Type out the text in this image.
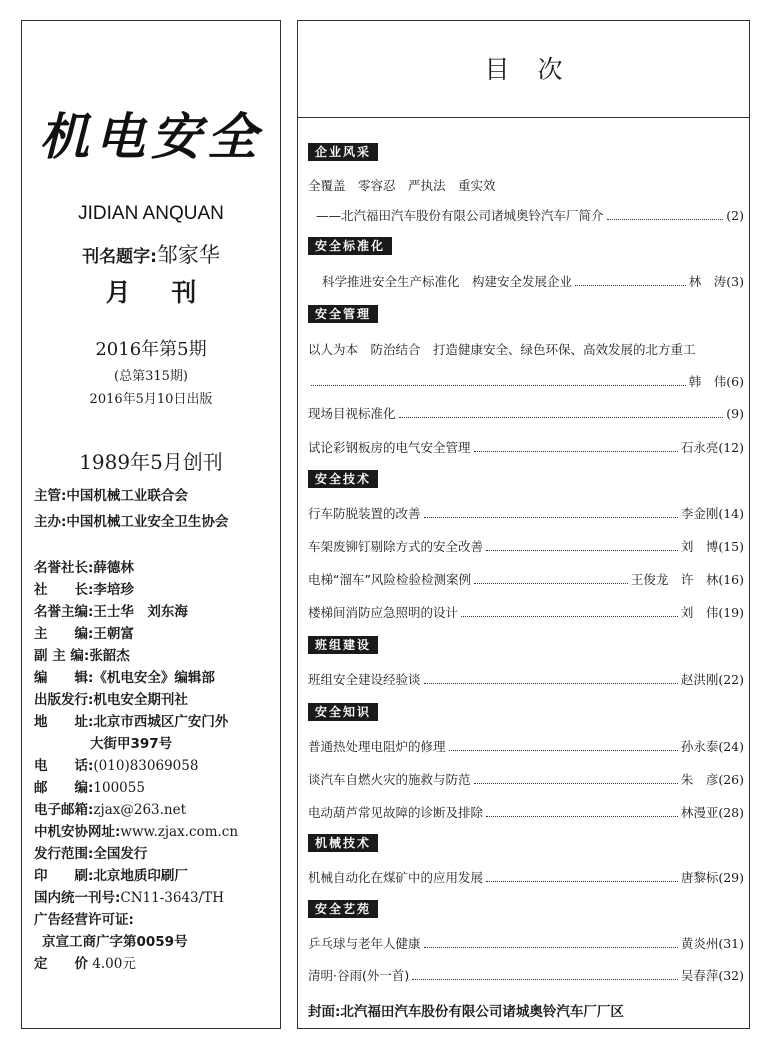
机电安全
JIDIAN ANQUAN
刊名题字:邹家华
月 刊
2016年第5期
(总第315期)
2016年5月10日出版
1989年5月创刊
主管:中国机械工业联合会
主办:中国机械工业安全卫生协会
名誉社长:薛德林
社　　长:李培珍
名誉主编:王士华　刘东海
主　　编:王朝富
副 主 编:张韶杰
编　　辑:《机电安全》编辑部
出版发行:机电安全期刊社
地　　址:北京市西城区广安门外
大街甲397号
电　　话:(010)83069058
邮　　编:100055
电子邮箱:zjax@263.net
中机安协网址:www.zjax.com.cn
发行范围:全国发行
印　　刷:北京地质印刷厂
国内统一刊号:CN11-3643/TH
广告经营许可证:
京宣工商广字第0059号
定　　价 4.00元
目次
企业风采
全覆盖　零容忍　严执法　重实效
——北汽福田汽车股份有限公司诸城奥铃汽车厂简介	(2)
安全标准化
科学推进安全生产标准化　构建安全发展企业	林　涛(3)
安全管理
以人为本　防治结合　打造健康安全、绿色环保、高效发展的北方重工
韩　伟(6)
现场目视标准化	(9)
试论彩钢板房的电气安全管理	石永亮(12)
安全技术
行车防脱装置的改善	李金刚(14)
车架废铆钉剔除方式的安全改善	刘　博(15)
电梯“溜车”风险检验检测案例	王俊龙　许　林(16)
楼梯间消防应急照明的设计	刘　伟(19)
班组建设
班组安全建设经验谈	赵洪刚(22)
安全知识
普通热处理电阻炉的修理	孙永泰(24)
谈汽车自燃火灾的施救与防范	朱　彦(26)
电动葫芦常见故障的诊断及排除	林漫亚(28)
机械技术
机械自动化在煤矿中的应用发展	唐黎标(29)
安全艺苑
乒乓球与老年人健康	黄炎州(31)
清明·谷雨(外一首)	吴春萍(32)
封面:北汽福田汽车股份有限公司诸城奥铃汽车厂厂区
